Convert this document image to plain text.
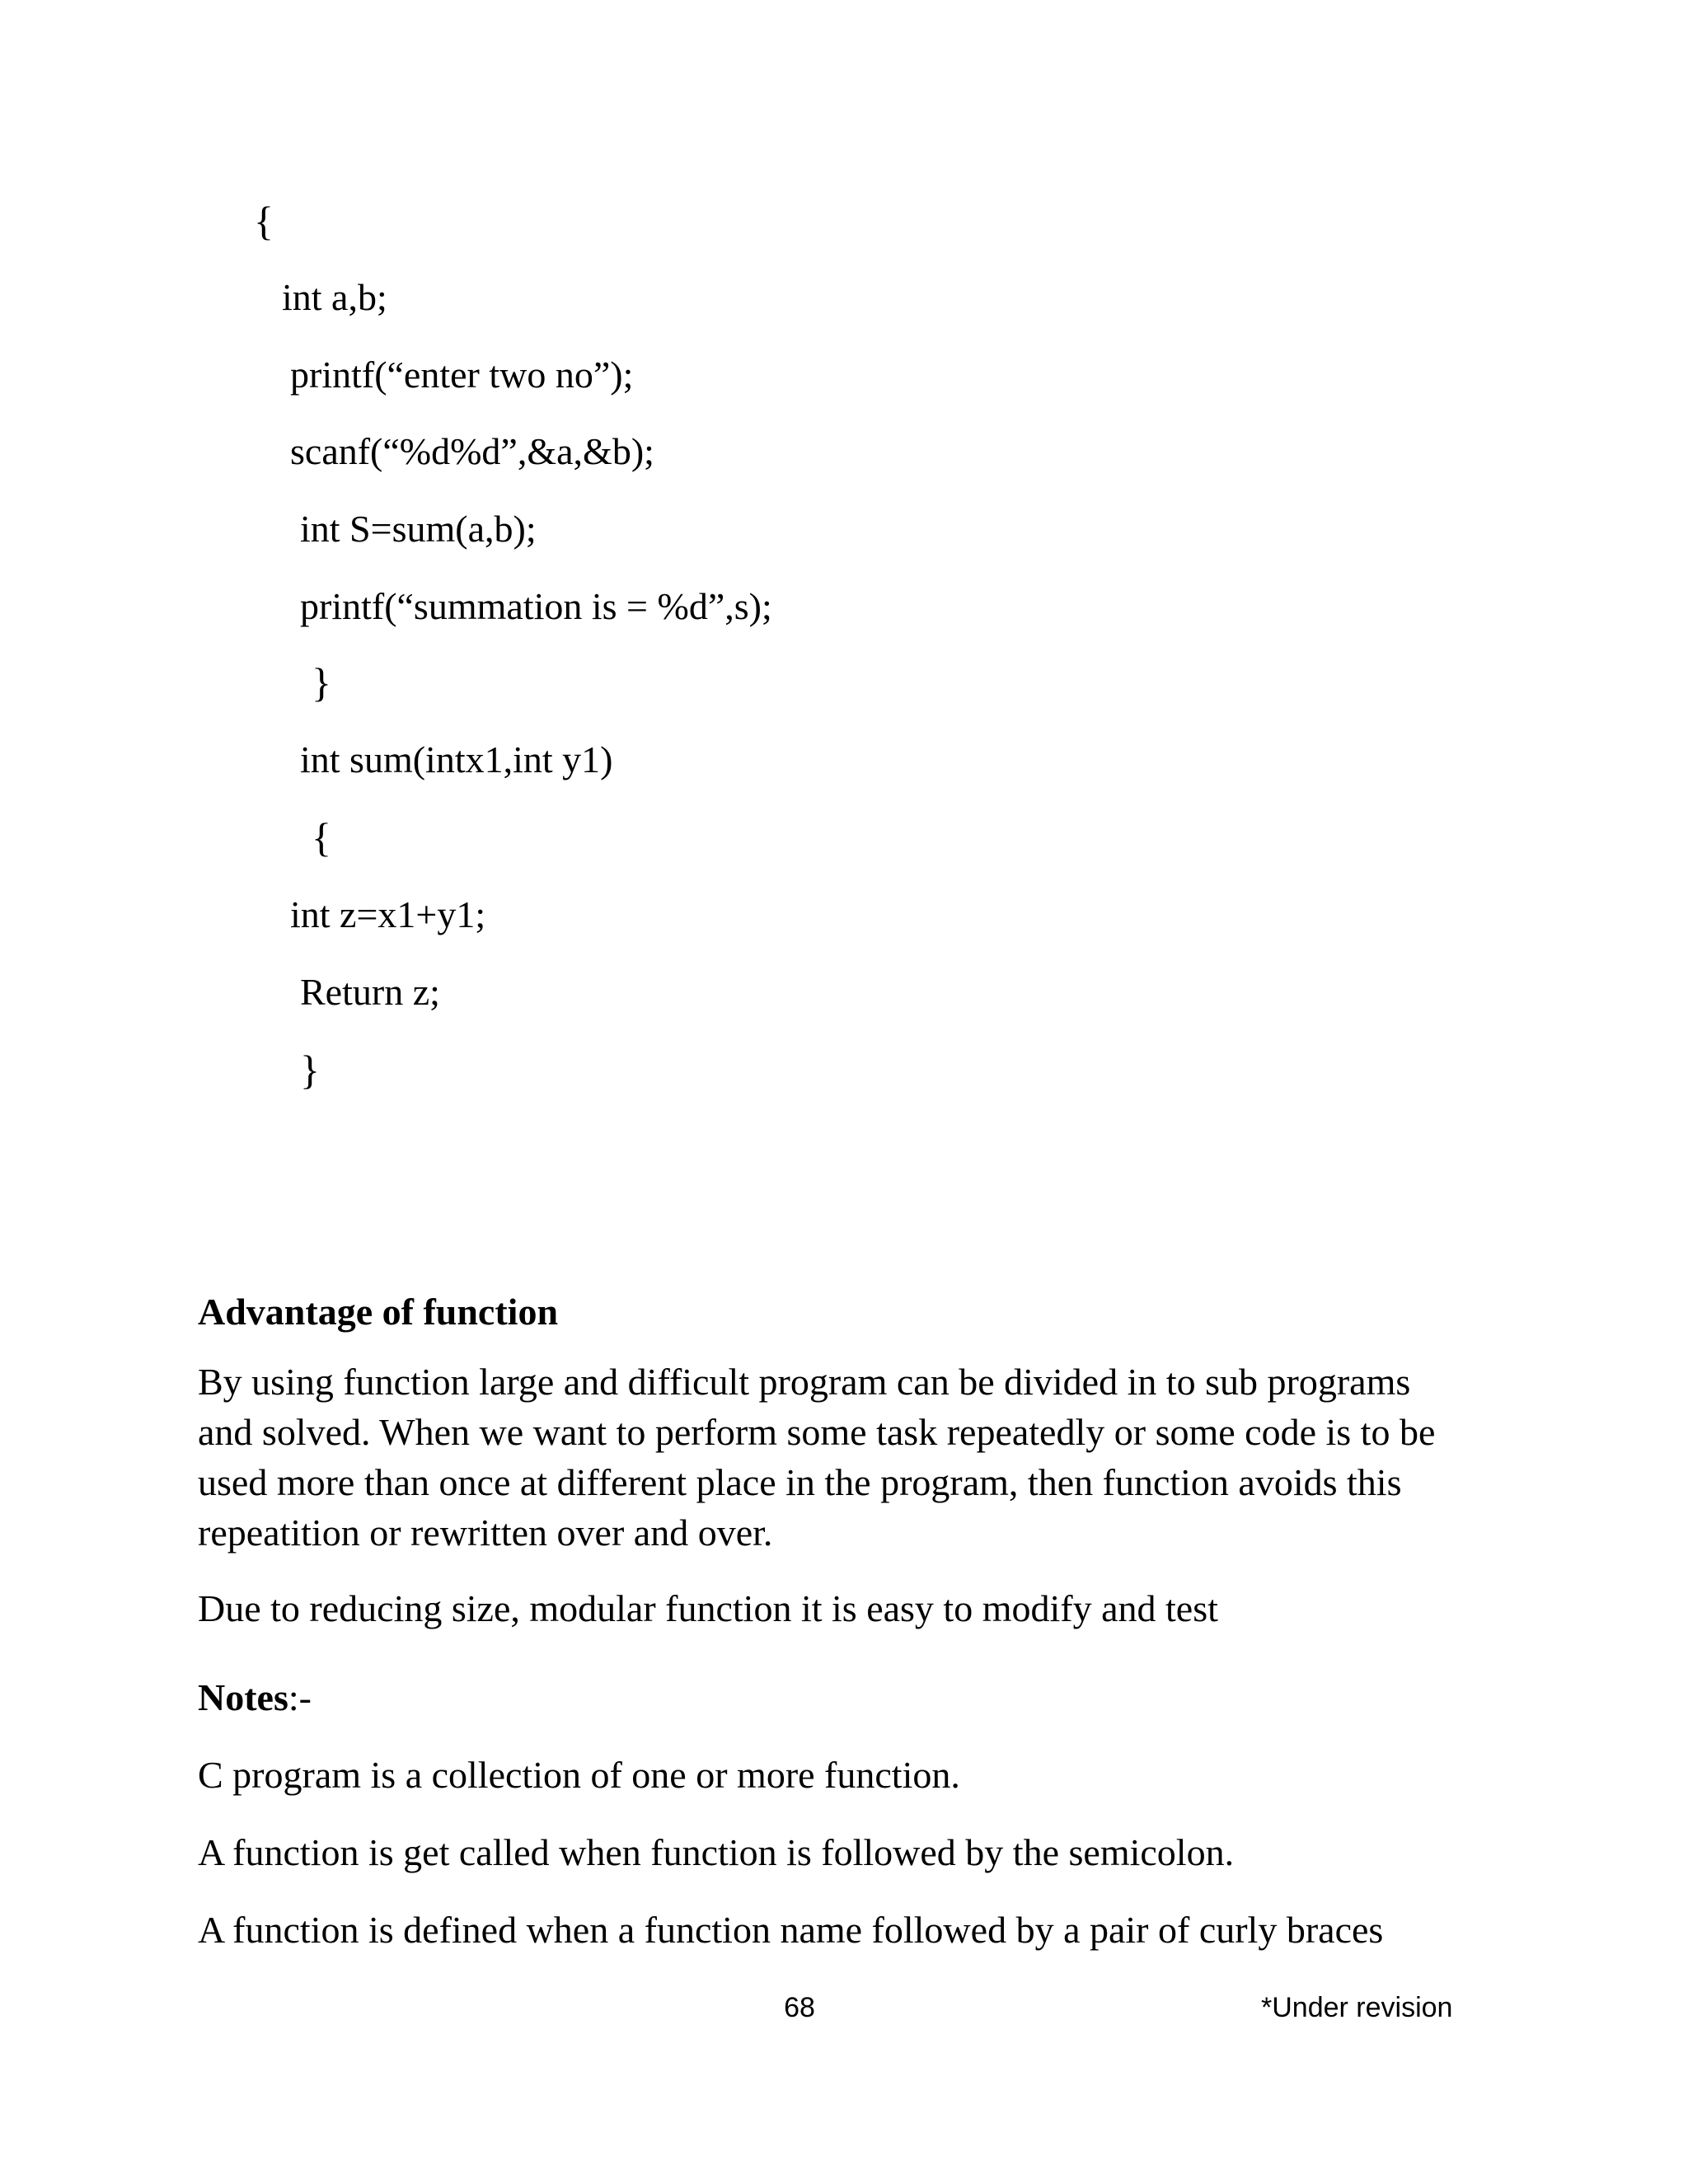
{
int a,b;
printf(“enter two no”);
scanf(“%d%d”,&a,&b);
int S=sum(a,b);
printf(“summation is = %d”,s);
}
int sum(intx1,int y1)
{
int z=x1+y1;
Return z;
}
Advantage of function
By using function large and difficult program can be divided in to sub programs and solved. When we want to perform some task repeatedly or some code is to be used more than once at different place in the program, then function avoids this repeatition or rewritten over and over.
Due to reducing size, modular function it is easy to modify and test
Notes:-
C program is a collection of one or more function.
A function is get called when function is followed by the semicolon.
A function is defined when a function name followed by a pair of curly braces
68	*Under revision
